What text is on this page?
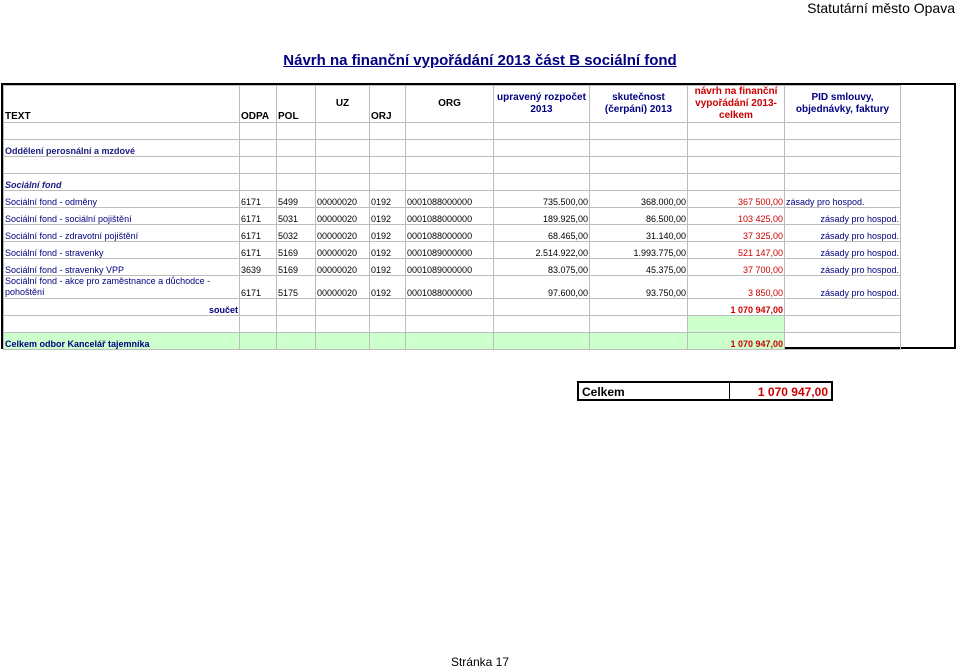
Statutární město Opava
Návrh na finanční vypořádání 2013 část B sociální fond
TEXT	ODPA	POL	UZ	ORJ	ORG	upravený rozpočet 2013	skutečnost (čerpání) 2013	návrh na finanční vypořádání 2013-celkem	PID smlouvy, objednávky, faktury

Oddělení perosnální a mzdové									

Sociální fond									
Sociální fond - odměny	6171	5499	00000020	0192	0001088000000	735.500,00	368.000,00	367 500,00	zásady pro hospod.
Sociální fond - sociální pojištění	6171	5031	00000020	0192	0001088000000	189.925,00	86.500,00	103 425,00	zásady pro hospod.
Sociální fond - zdravotní pojištění	6171	5032	00000020	0192	0001088000000	68.465,00	31.140,00	37 325,00	zásady pro hospod.
Sociální fond - stravenky	6171	5169	00000020	0192	0001089000000	2.514.922,00	1.993.775,00	521 147,00	zásady pro hospod.
Sociální fond - stravenky VPP	3639	5169	00000020	0192	0001089000000	83.075,00	45.375,00	37 700,00	zásady pro hospod.
Sociální fond - akce pro zaměstnance a důchodce - pohoštění	6171	5175	00000020	0192	0001088000000	97.600,00	93.750,00	3 850,00	zásady pro hospod.
součet								1 070 947,00	

Celkem odbor Kancelář tajemníka								1 070 947,00	
Celkem	1 070 947,00
Stránka 17
